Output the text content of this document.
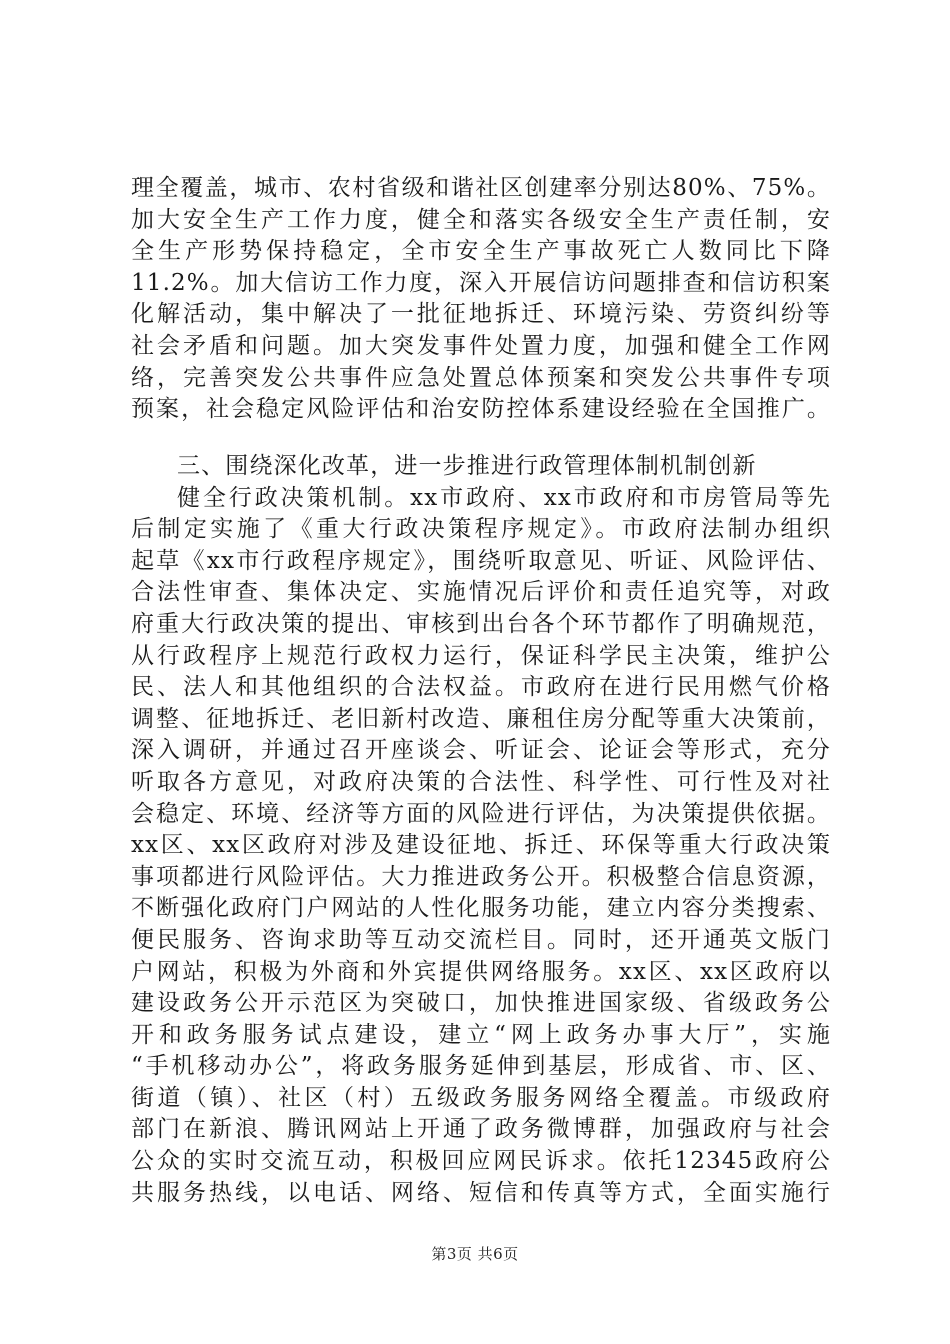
理全覆盖，城市、农村省级和谐社区创建率分别达80%、75%。
加大安全生产工作力度，健全和落实各级安全生产责任制，安
全生产形势保持稳定，全市安全生产事故死亡人数同比下降
11.2%。加大信访工作力度，深入开展信访问题排查和信访积案
化解活动，集中解决了一批征地拆迁、环境污染、劳资纠纷等
社会矛盾和问题。加大突发事件处置力度，加强和健全工作网
络，完善突发公共事件应急处置总体预案和突发公共事件专项
预案，社会稳定风险评估和治安防控体系建设经验在全国推广。
三、围绕深化改革，进一步推进行政管理体制机制创新
健全行政决策机制。xx市政府、xx市政府和市房管局等先
后制定实施了《重大行政决策程序规定》。市政府法制办组织
起草《xx市行政程序规定》，围绕听取意见、听证、风险评估、
合法性审查、集体决定、实施情况后评价和责任追究等，对政
府重大行政决策的提出、审核到出台各个环节都作了明确规范，
从行政程序上规范行政权力运行，保证科学民主决策，维护公
民、法人和其他组织的合法权益。市政府在进行民用燃气价格
调整、征地拆迁、老旧新村改造、廉租住房分配等重大决策前，
深入调研，并通过召开座谈会、听证会、论证会等形式，充分
听取各方意见，对政府决策的合法性、科学性、可行性及对社
会稳定、环境、经济等方面的风险进行评估，为决策提供依据。
xx区、xx区政府对涉及建设征地、拆迁、环保等重大行政决策
事项都进行风险评估。大力推进政务公开。积极整合信息资源，
不断强化政府门户网站的人性化服务功能，建立内容分类搜索、
便民服务、咨询求助等互动交流栏目。同时，还开通英文版门
户网站，积极为外商和外宾提供网络服务。xx区、xx区政府以
建设政务公开示范区为突破口，加快推进国家级、省级政务公
开和政务服务试点建设，建立“网上政务办事大厅”，实施
“手机移动办公”，将政务服务延伸到基层，形成省、市、区、
街道（镇）、社区（村）五级政务服务网络全覆盖。市级政府
部门在新浪、腾讯网站上开通了政务微博群，加强政府与社会
公众的实时交流互动，积极回应网民诉求。依托12345政府公
共服务热线，以电话、网络、短信和传真等方式，全面实施行
第3页 共6页
